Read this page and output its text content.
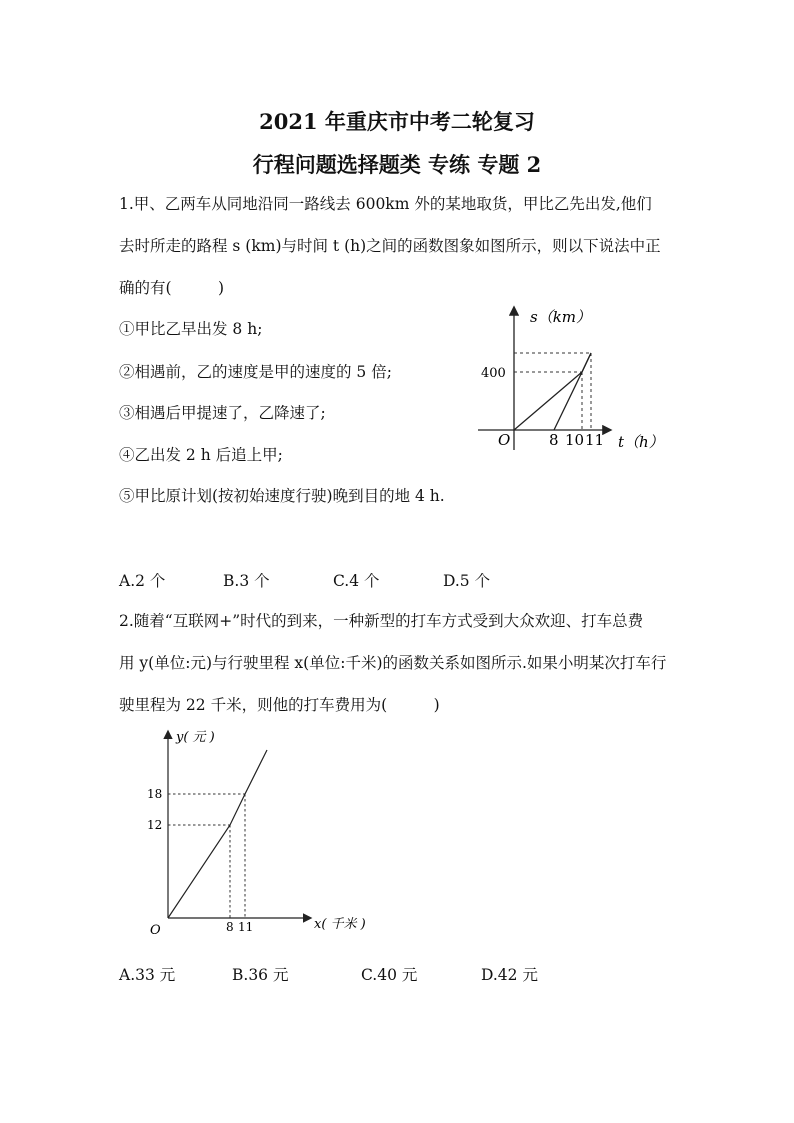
2021 年重庆市中考二轮复习
行程问题选择题类 专练 专题 2
1.甲、乙两车从同地沿同一路线去 600km 外的某地取货，甲比乙先出发,他们
去时所走的路程 s (km)与时间 t (h)之间的函数图象如图所示，则以下说法中正
确的有(　　　)
①甲比乙早出发 8 h;
②相遇前，乙的速度是甲的速度的 5 倍;
③相遇后甲提速了，乙降速了;
④乙出发 2 h 后追上甲;
⑤甲比原计划(按初始速度行驶)晚到目的地 4 h.
s（km）
t（h）
O
400
8 10 11
A.2 个	B.3 个	C.4 个	D.5 个
2.随着“互联网+”时代的到来，一种新型的打车方式受到大众欢迎、打车总费
用 y(单位:元)与行驶里程 x(单位:千米)的函数关系如图所示.如果小明某次打车行
驶里程为 22 千米，则他的打车费用为(　　　)
y( 元 )
x( 千米 )
O
18
12
8 11
A.33 元	B.36 元	C.40 元	D.42 元
